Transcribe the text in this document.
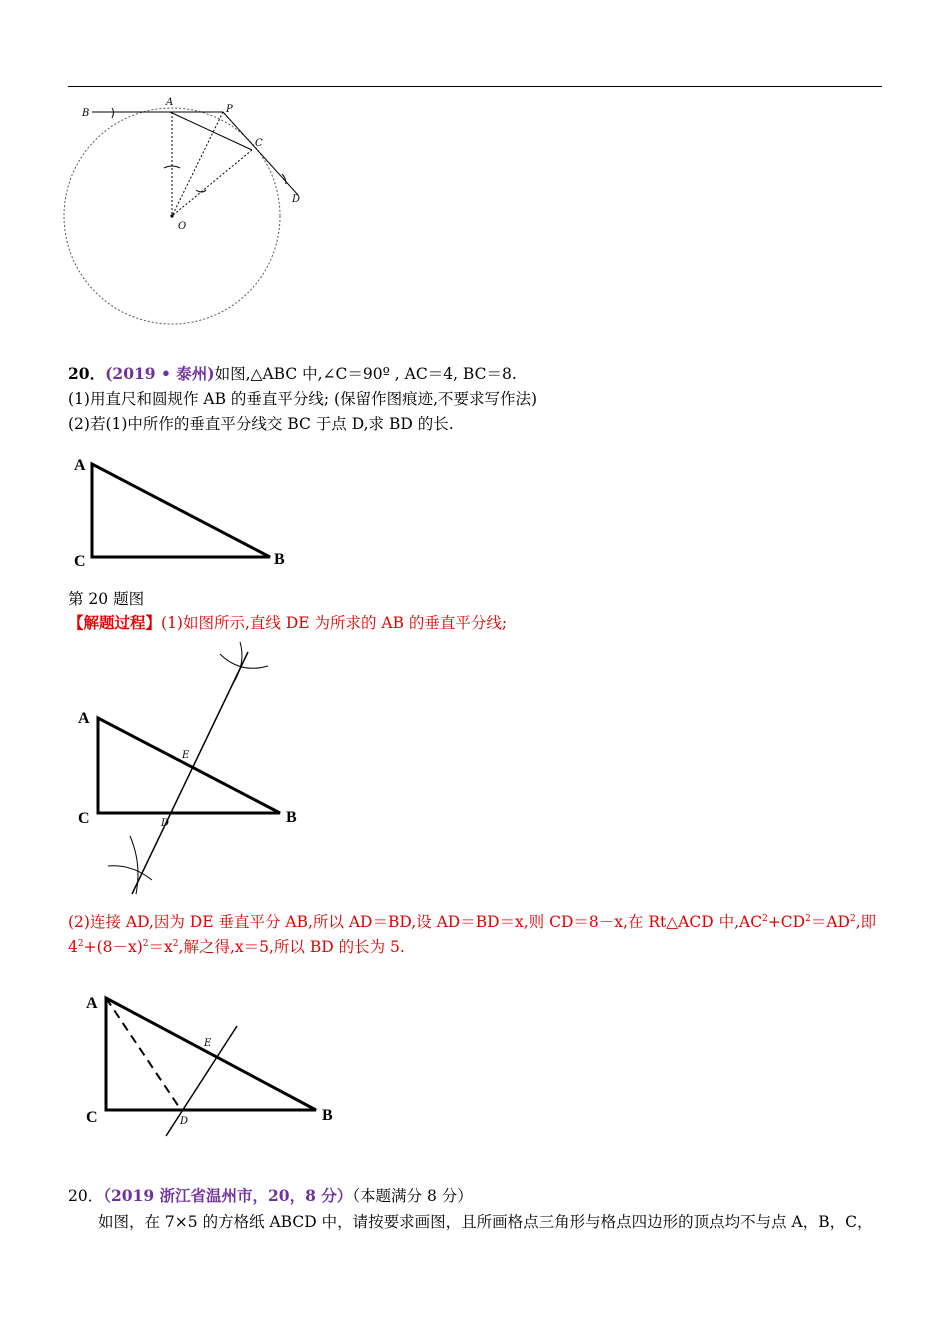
B
A
P
C
D
O
20．(2019 • 泰州)如图,△ABC 中,∠C＝90º , AC＝4, BC＝8.
(1)用直尺和圆规作 AB 的垂直平分线; (保留作图痕迹,不要求写作法)
(2)若(1)中所作的垂直平分线交 BC 于点 D,求 BD 的长.
A
C	B
第 20 题图
【解题过程】(1)如图所示,直线 DE 为所求的 AB 的垂直平分线;
A
C	B
E
D
(2)连接 AD,因为 DE 垂直平分 AB,所以 AD＝BD,设 AD＝BD＝x,则 CD＝8－x,在 Rt△ACD 中$,AC^2+CD^2=AD^2$,即
$4^2+(8-x)^2=x^2$,解之得,x＝5,所以 BD 的长为 5.
A
C	B
E
D
20．（2019 浙江省温州市，20，8 分）（本题满分 8 分）
如图，在 7×5 的方格纸 ABCD 中，请按要求画图，且所画格点三角形与格点四边形的顶点均不与点 A，B，C，
